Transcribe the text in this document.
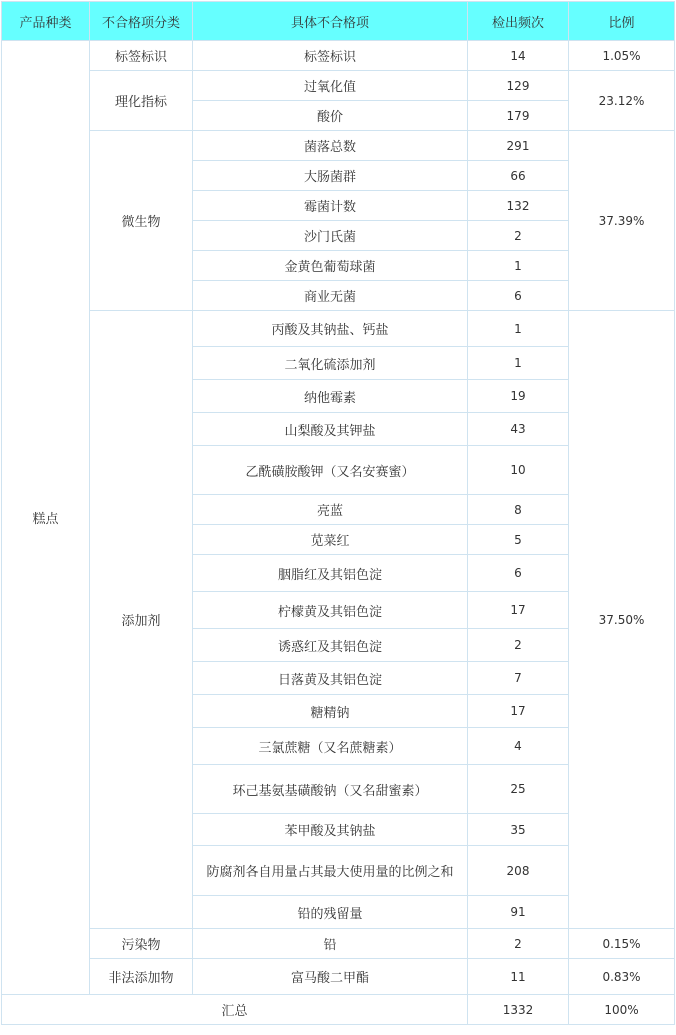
产品种类	不合格项分类	具体不合格项	检出频次	比例
糕点	标签标识	标签标识	14	1.05%
	理化指标	过氧化值	129	23.12%
		酸价	179	
	微生物	菌落总数	291	37.39%
		大肠菌群	66	
		霉菌计数	132	
		沙门氏菌	2	
		金黄色葡萄球菌	1	
		商业无菌	6	
	添加剂	丙酸及其钠盐、钙盐	1	37.50%
		二氧化硫添加剂	1	
		纳他霉素	19	
		山梨酸及其钾盐	43	
		乙酰磺胺酸钾（又名安赛蜜）	10	
		亮蓝	8	
		苋菜红	5	
		胭脂红及其铝色淀	6	
		柠檬黄及其铝色淀	17	
		诱惑红及其铝色淀	2	
		日落黄及其铝色淀	7	
		糖精钠	17	
		三氯蔗糖（又名蔗糖素）	4	
		环己基氨基磺酸钠（又名甜蜜素）	25	
		苯甲酸及其钠盐	35	
		防腐剂各自用量占其最大使用量的比例之和	208	
		铅的残留量	91	
	污染物	铅	2	0.15%
	非法添加物	富马酸二甲酯	11	0.83%
汇总			1332	100%
